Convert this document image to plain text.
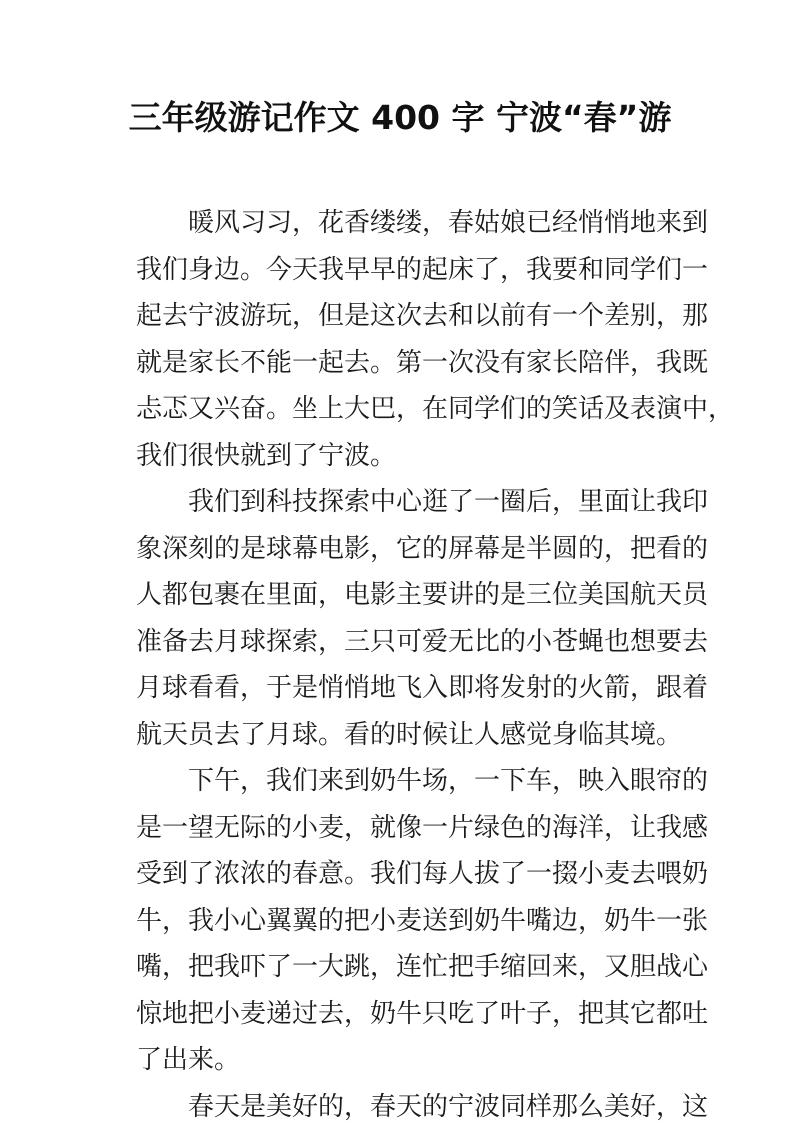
三年级游记作文 400 字 宁波“春”游
暖风习习，花香缕缕，春姑娘已经悄悄地来到
我们身边。今天我早早的起床了，我要和同学们一
起去宁波游玩，但是这次去和以前有一个差别，那
就是家长不能一起去。第一次没有家长陪伴，我既
忐忑又兴奋。坐上大巴，在同学们的笑话及表演中，
我们很快就到了宁波。
我们到科技探索中心逛了一圈后，里面让我印
象深刻的是球幕电影，它的屏幕是半圆的，把看的
人都包裹在里面，电影主要讲的是三位美国航天员
准备去月球探索，三只可爱无比的小苍蝇也想要去
月球看看，于是悄悄地飞入即将发射的火箭，跟着
航天员去了月球。看的时候让人感觉身临其境。
下午，我们来到奶牛场，一下车，映入眼帘的
是一望无际的小麦，就像一片绿色的海洋，让我感
受到了浓浓的春意。我们每人拔了一掇小麦去喂奶
牛，我小心翼翼的把小麦送到奶牛嘴边，奶牛一张
嘴，把我吓了一大跳，连忙把手缩回来，又胆战心
惊地把小麦递过去，奶牛只吃了叶子，把其它都吐
了出来。
春天是美好的，春天的宁波同样那么美好，这
